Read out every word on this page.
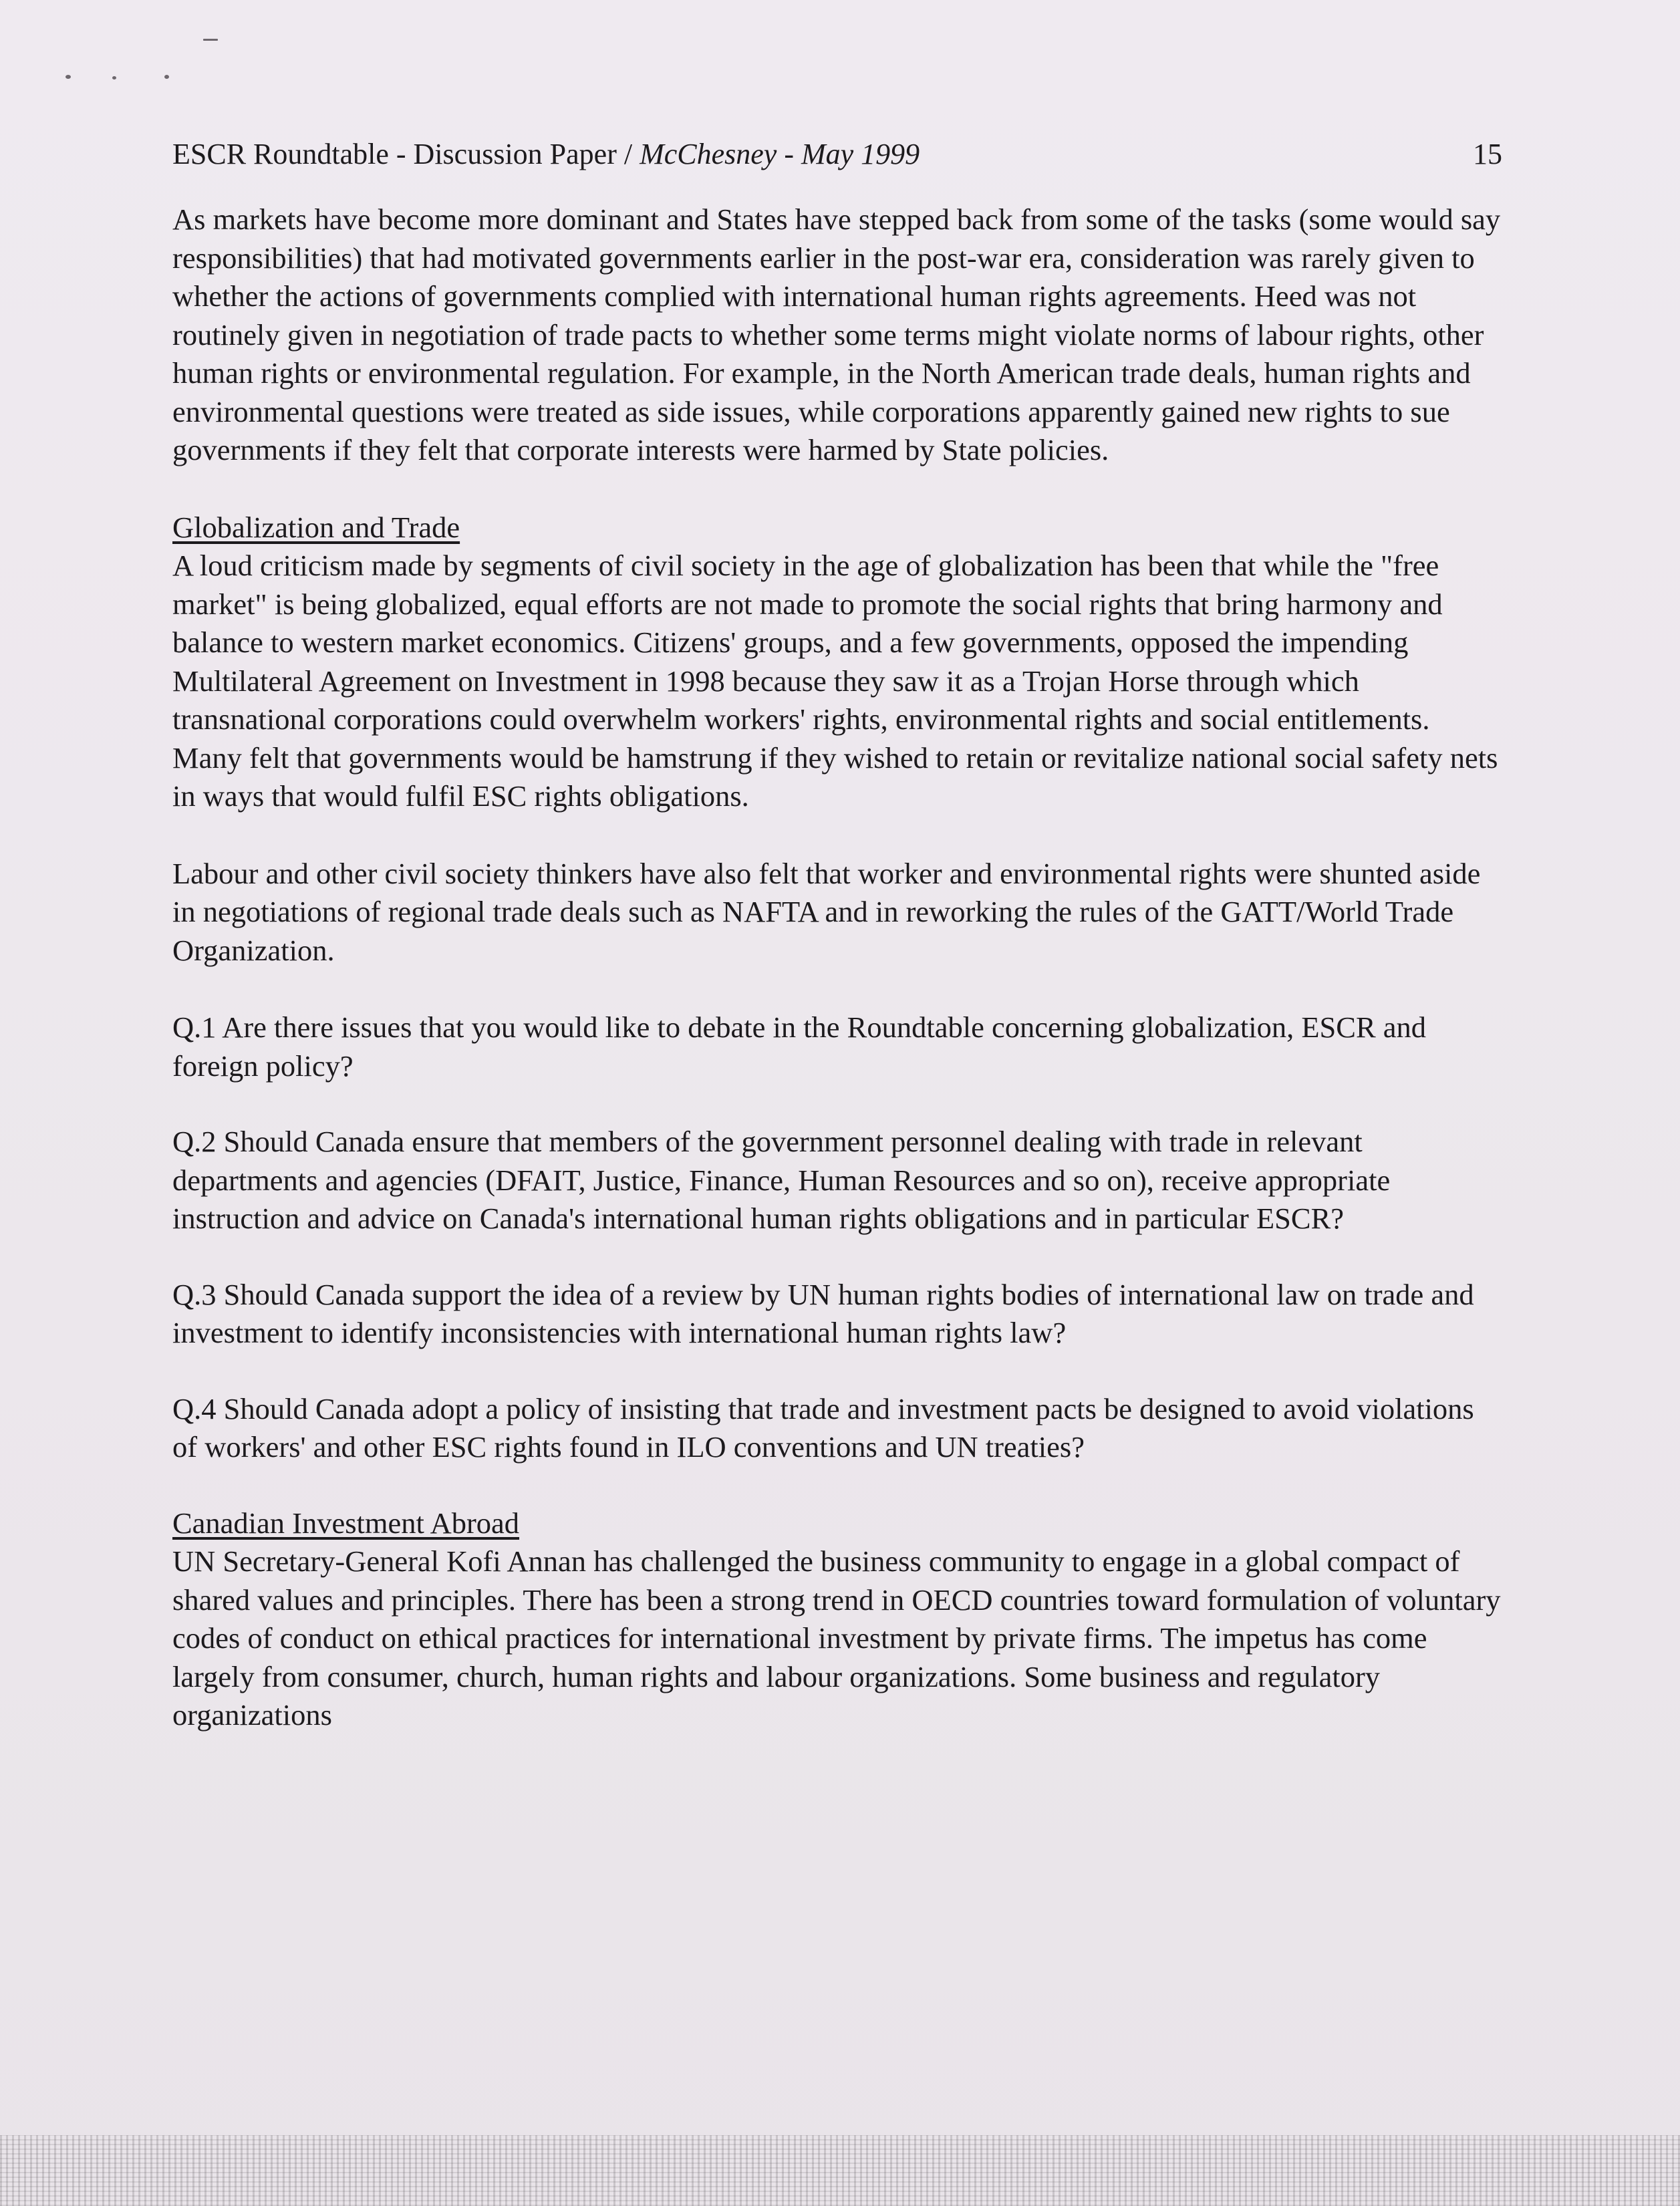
ESCR Roundtable - Discussion Paper / McChesney - May 1999	15

As markets have become more dominant and States have stepped back from some of the tasks (some would say responsibilities) that had motivated governments earlier in the post-war era, consideration was rarely given to whether the actions of governments complied with international human rights agreements. Heed was not routinely given in negotiation of trade pacts to whether some terms might violate norms of labour rights, other human rights or environmental regulation. For example, in the North American trade deals, human rights and environmental questions were treated as side issues, while corporations apparently gained new rights to sue governments if they felt that corporate interests were harmed by State policies.

Globalization and Trade

A loud criticism made by segments of civil society in the age of globalization has been that while the "free market" is being globalized, equal efforts are not made to promote the social rights that bring harmony and balance to western market economics. Citizens' groups, and a few governments, opposed the impending Multilateral Agreement on Investment in 1998 because they saw it as a Trojan Horse through which transnational corporations could overwhelm workers' rights, environmental rights and social entitlements. Many felt that governments would be hamstrung if they wished to retain or revitalize national social safety nets in ways that would fulfil ESC rights obligations.

Labour and other civil society thinkers have also felt that worker and environmental rights were shunted aside in negotiations of regional trade deals such as NAFTA and in reworking the rules of the GATT/World Trade Organization.

Q.1 Are there issues that you would like to debate in the Roundtable concerning globalization, ESCR and foreign policy?

Q.2 Should Canada ensure that members of the government personnel dealing with trade in relevant departments and agencies (DFAIT, Justice, Finance, Human Resources and so on), receive appropriate instruction and advice on Canada's international human rights obligations and in particular ESCR?

Q.3 Should Canada support the idea of a review by UN human rights bodies of international law on trade and investment to identify inconsistencies with international human rights law?

Q.4 Should Canada adopt a policy of insisting that trade and investment pacts be designed to avoid violations of workers' and other ESC rights found in ILO conventions and UN treaties?

Canadian Investment Abroad

UN Secretary-General Kofi Annan has challenged the business community to engage in a global compact of shared values and principles. There has been a strong trend in OECD countries toward formulation of voluntary codes of conduct on ethical practices for international investment by private firms. The impetus has come largely from consumer, church, human rights and labour organizations. Some business and regulatory organizations
